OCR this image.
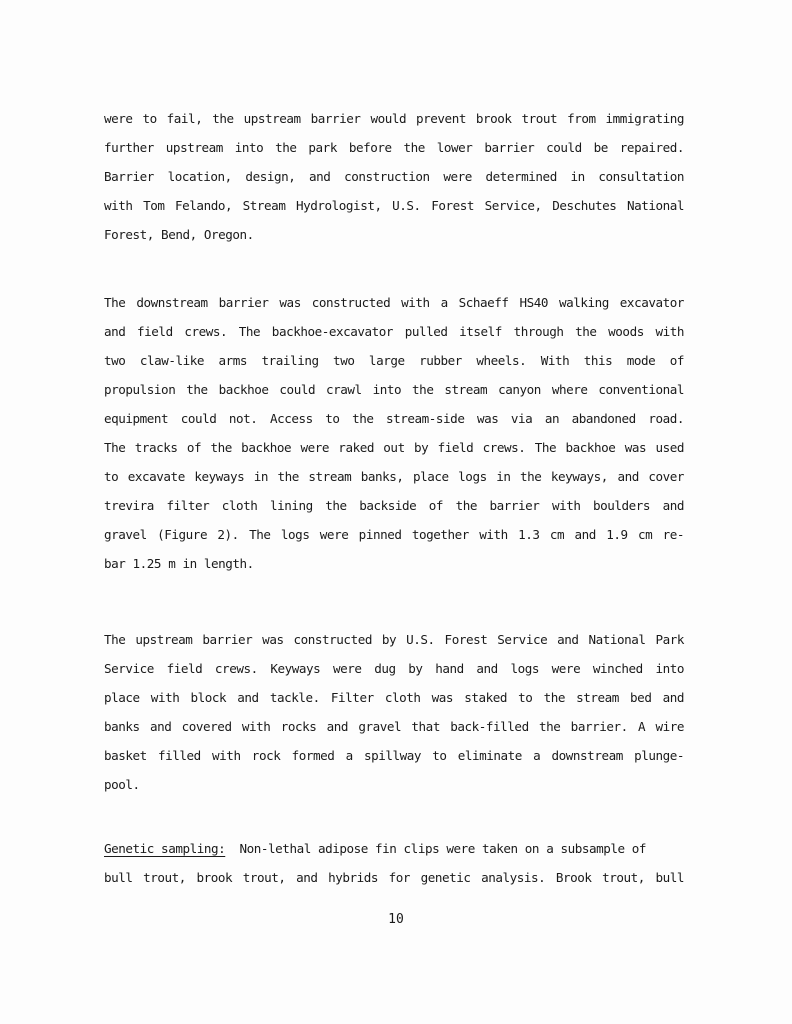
were to fail, the upstream barrier would prevent brook trout from immigrating
further upstream into the park before the lower barrier could be repaired.
Barrier location, design, and construction were determined in consultation
with Tom Felando, Stream Hydrologist, U.S. Forest Service, Deschutes National
Forest, Bend, Oregon.
The downstream barrier was constructed with a Schaeff HS40 walking excavator
and field crews. The backhoe-excavator pulled itself through the woods with
two claw-like arms trailing two large rubber wheels. With this mode of
propulsion the backhoe could crawl into the stream canyon where conventional
equipment could not. Access to the stream-side was via an abandoned road.
The tracks of the backhoe were raked out by field crews. The backhoe was used
to excavate keyways in the stream banks, place logs in the keyways, and cover
trevira filter cloth lining the backside of the barrier with boulders and
gravel (Figure 2). The logs were pinned together with 1.3 cm and 1.9 cm re-
bar 1.25 m in length.
The upstream barrier was constructed by U.S. Forest Service and National Park
Service field crews. Keyways were dug by hand and logs were winched into
place with block and tackle. Filter cloth was staked to the stream bed and
banks and covered with rocks and gravel that back-filled the barrier. A wire
basket filled with rock formed a spillway to eliminate a downstream plunge-
pool.
Genetic sampling:  Non-lethal adipose fin clips were taken on a subsample of
bull trout, brook trout, and hybrids for genetic analysis. Brook trout, bull
10
